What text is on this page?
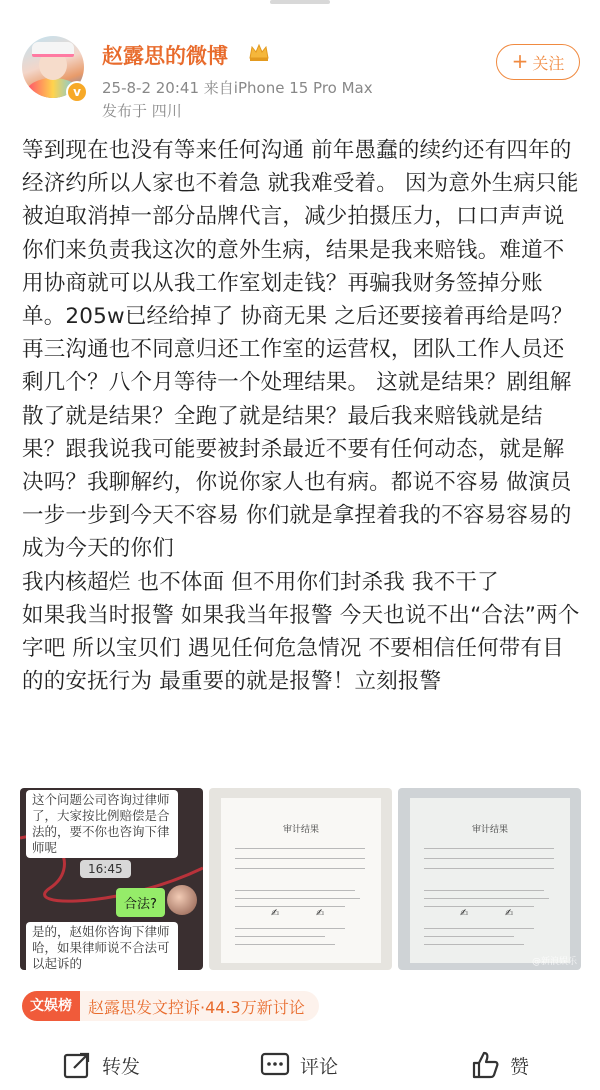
v
赵露思的微博
25-8-2 20:41 来自iPhone 15 Pro Max
发布于 四川
+ 关注

等到现在也没有等来任何沟通 前年愚蠢的续约还有四年的经济约所以人家也不着急 就我难受着。 因为意外生病只能被迫取消掉一部分品牌代言，减少拍摄压力，口口声声说你们来负责我这次的意外生病，结果是我来赔钱。难道不用协商就可以从我工作室划走钱？再骗我财务签掉分账单。205w已经给掉了 协商无果 之后还要接着再给是吗？再三沟通也不同意归还工作室的运营权，团队工作人员还剩几个？八个月等待一个处理结果。 这就是结果？剧组解散了就是结果？全跑了就是结果？最后我来赔钱就是结果？跟我说我可能要被封杀最近不要有任何动态，就是解决吗？我聊解约，你说你家人也有病。都说不容易 做演员一步一步到今天不容易 你们就是拿捏着我的不容易容易的成为今天的你们

我内核超烂 也不体面 但不用你们封杀我 我不干了

如果我当时报警 如果我当年报警 今天也说不出“合法”两个字吧 所以宝贝们 遇见任何危急情况 不要相信任何带有目的的安抚行为 最重要的就是报警！立刻报警

这个问题公司咨询过律师了，大家按比例赔偿是合法的，要不你也咨询下律师呢
16:45
合法?
是的，赵姐你咨询下律师哈，如果律师说不合法可以起诉的
审计结果
✍	✍
审计结果
✍	✍
@新浪娱乐
文娱榜	赵露思发文控诉 ·44.3万新讨论
转发	评论	赞
